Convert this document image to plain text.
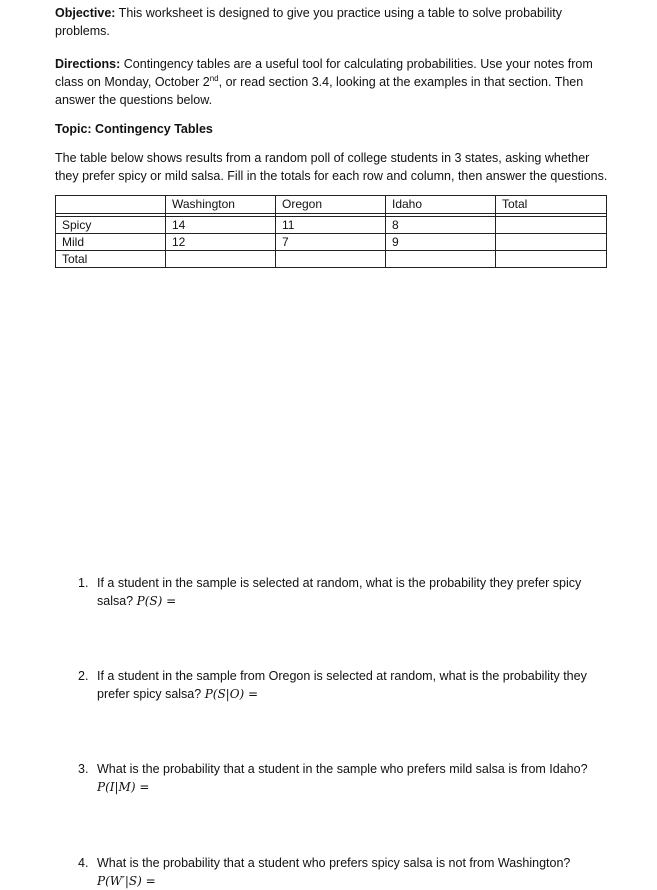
Objective: This worksheet is designed to give you practice using a table to solve probability problems.

Directions: Contingency tables are a useful tool for calculating probabilities. Use your notes from class on Monday, October 2nd, or read section 3.4, looking at the examples in that section. Then answer the questions below.

Topic: Contingency Tables

The table below shows results from a random poll of college students in 3 states, asking whether they prefer spicy or mild salsa. Fill in the totals for each row and column, then answer the questions.

	Washington	Oregon	Idaho	Total

Spicy	14	11	8	
Mild	12	7	9	
Total				
1. If a student in the sample is selected at random, what is the probability they prefer spicy salsa? P(S) =
2. If a student in the sample from Oregon is selected at random, what is the probability they prefer spicy salsa? P(S|O) =
3. What is the probability that a student in the sample who prefers mild salsa is from Idaho? P(I|M) =
4. What is the probability that a student who prefers spicy salsa is not from Washington? P(W′|S) =
